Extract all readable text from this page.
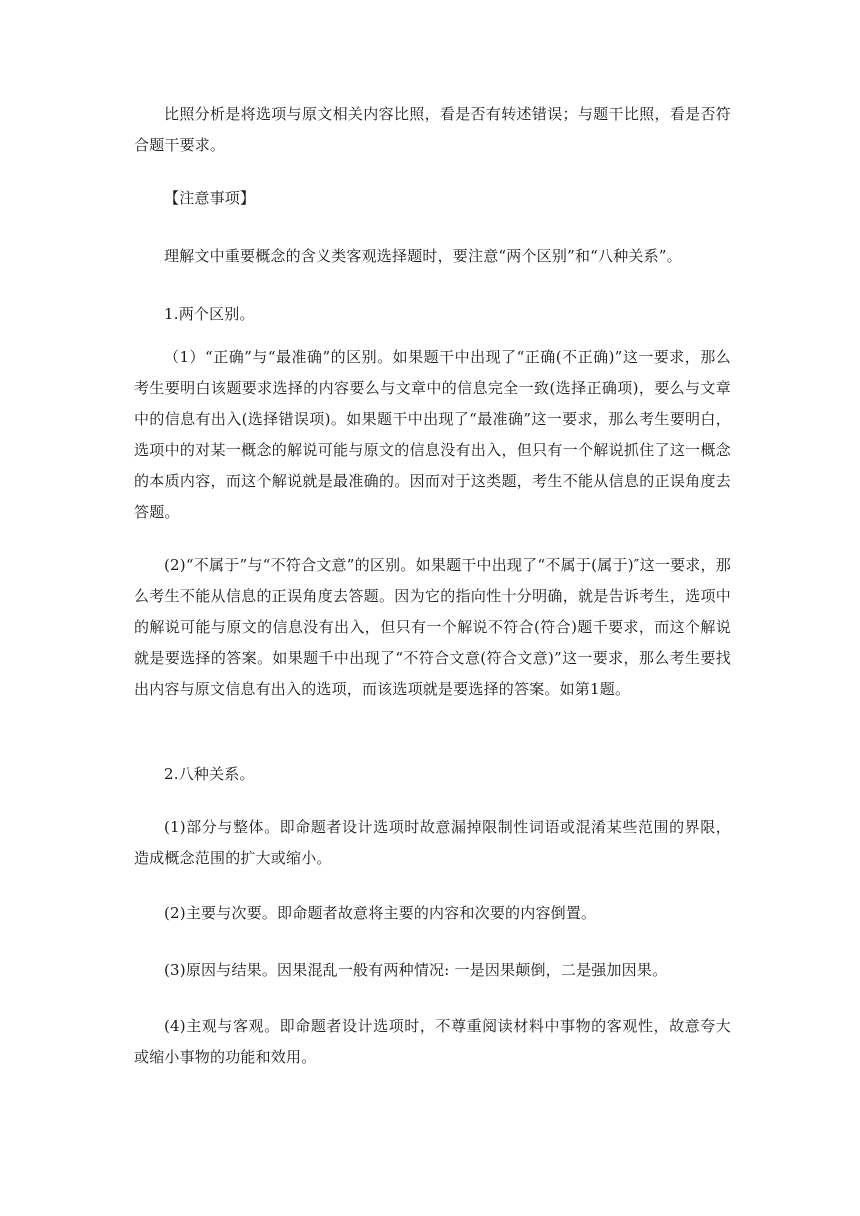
比照分析是将选项与原文相关内容比照，看是否有转述错误；与题干比照，看是否符合题干要求。

【注意事项】

理解文中重要概念的含义类客观选择题时，要注意“两个区别”和“八种关系”。

1.两个区别。

（1）“正确”与“最准确”的区别。如果题干中出现了“正确(不正确)”这一要求，那么考生要明白该题要求选择的内容要么与文章中的信息完全一致(选择正确项)，要么与文章中的信息有出入(选择错误项)。如果题干中出现了“最准确”这一要求，那么考生要明白，选项中的对某一概念的解说可能与原文的信息没有出入，但只有一个解说抓住了这一概念的本质内容，而这个解说就是最准确的。因而对于这类题，考生不能从信息的正误角度去答题。

(2)“不属于”与“不符合文意”的区别。如果题干中出现了“不属于(属于)″这一要求，那么考生不能从信息的正误角度去答题。因为它的指向性十分明确，就是告诉考生，选项中的解说可能与原文的信息没有出入，但只有一个解说不符合(符合)题千要求，而这个解说就是要选择的答案。如果题千中出现了“不符合文意(符合文意)”这一要求，那么考生要找出内容与原文信息有出入的选项，而该选项就是要选择的答案。如第1题。

2.八种关系。

(1)部分与整体。即命题者设计选项时故意漏掉限制性词语或混淆某些范围的界限，造成概念范围的扩大或缩小。

(2)主要与次要。即命题者故意将主要的内容和次要的内容倒置。

(3)原因与结果。因果混乱一般有两种情况: 一是因果颠倒，二是强加因果。

(4)主观与客观。即命题者设计选项时，不尊重阅读材料中事物的客观性，故意夸大或缩小事物的功能和效用。
